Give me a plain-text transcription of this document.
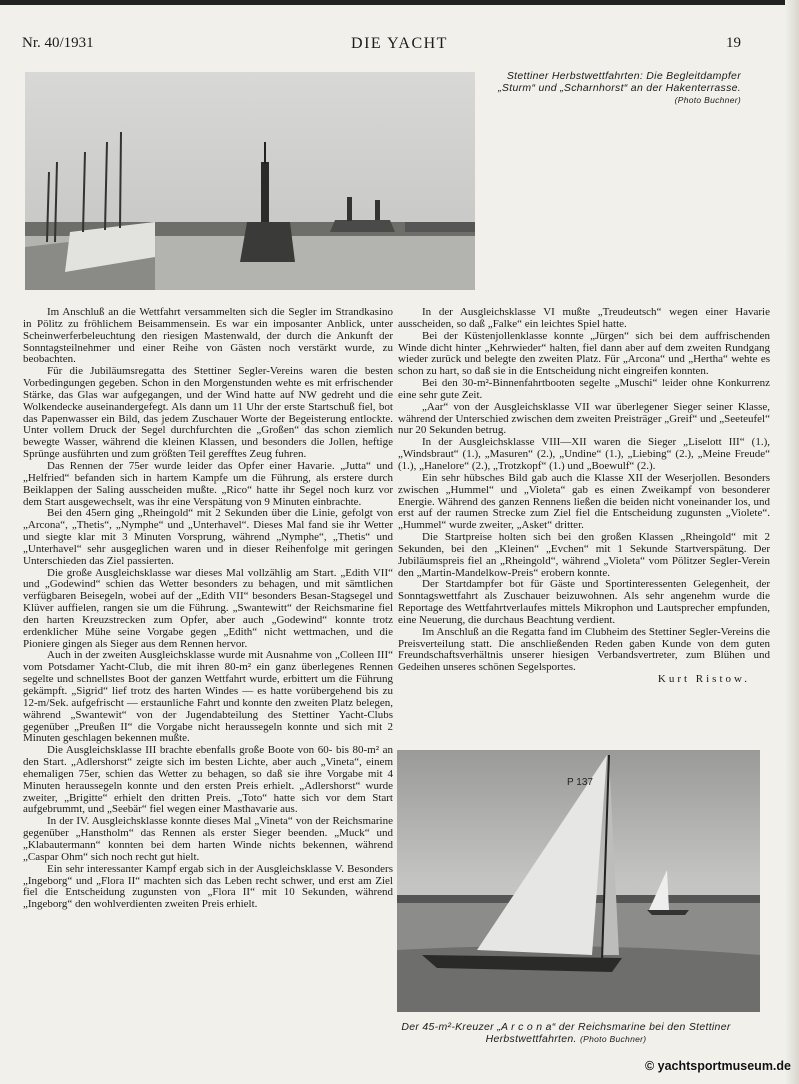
Nr. 40/1931	DIE YACHT	19
Stettiner Herbstwettfahrten: Die Begleitdampfer „Sturm“ und „Scharnhorst“ an der Hakenterrasse. (Photo Buchner)

Im Anschluß an die Wettfahrt versammelten sich die Segler im Strandkasino in Pölitz zu fröhlichem Beisammensein. Es war ein imposanter Anblick, unter Scheinwerferbeleuchtung den riesigen Mastenwald, der durch die Ankunft der Sonntagsteilnehmer und einer Reihe von Gästen noch verstärkt wurde, zu beobachten.

Für die Jubiläumsregatta des Stettiner Segler-Vereins waren die besten Vorbedingungen gegeben. Schon in den Morgenstunden wehte es mit erfrischender Stärke, das Glas war aufgegangen, und der Wind hatte auf NW gedreht und die Wolkendecke auseinandergefegt. Als dann um 11 Uhr der erste Startschuß fiel, bot das Papenwasser ein Bild, das jedem Zuschauer Worte der Begeisterung entlockte. Unter vollem Druck der Segel durchfurchten die „Großen“ das schon ziemlich bewegte Wasser, während die kleinen Klassen, und besonders die Jollen, heftige Sprünge ausführten und zum größten Teil gerefftes Zeug fuhren.

Das Rennen der 75er wurde leider das Opfer einer Havarie. „Jutta“ und „Helfried“ befanden sich in hartem Kampfe um die Führung, als erstere durch Beiklappen der Saling ausscheiden mußte. „Rico“ hatte ihr Segel noch kurz vor dem Start ausgewechselt, was ihr eine Verspätung von 9 Minuten einbrachte.

Bei den 45ern ging „Rheingold“ mit 2 Sekunden über die Linie, gefolgt von „Arcona“, „Thetis“, „Nymphe“ und „Unterhavel“. Dieses Mal fand sie ihr Wetter und siegte klar mit 3 Minuten Vorsprung, während „Nymphe“, „Thetis“ und „Unterhavel“ sehr ausgeglichen waren und in dieser Reihenfolge mit geringen Unterschieden das Ziel passierten.

Die große Ausgleichsklasse war dieses Mal vollzählig am Start. „Edith VII“ und „Godewind“ schien das Wetter besonders zu behagen, und mit sämtlichen verfügbaren Beisegeln, wobei auf der „Edith VII“ besonders Besan-Stagsegel und Klüver auffielen, rangen sie um die Führung. „Swantewitt“ der Reichsmarine fiel den harten Kreuzstrecken zum Opfer, aber auch „Godewind“ konnte trotz erdenklicher Mühe seine Vorgabe gegen „Edith“ nicht wettmachen, und die Pioniere gingen als Sieger aus dem Rennen hervor.

Auch in der zweiten Ausgleichsklasse wurde mit Ausnahme von „Colleen III“ vom Potsdamer Yacht-Club, die mit ihren 80-m² ein ganz überlegenes Rennen segelte und schnellstes Boot der ganzen Wettfahrt wurde, erbittert um die Führung gekämpft. „Sigrid“ lief trotz des harten Windes — es hatte vorübergehend bis zu 12-m/Sek. aufgefrischt — erstaunliche Fahrt und konnte den zweiten Platz belegen, während „Swantewit“ von der Jugendabteilung des Stettiner Yacht-Clubs gegenüber „Preußen II“ die Vorgabe nicht heraussegeln konnte und sich mit 2 Minuten geschlagen bekennen mußte.

Die Ausgleichsklasse III brachte ebenfalls große Boote von 60- bis 80-m² an den Start. „Adlershorst“ zeigte sich im besten Lichte, aber auch „Vineta“, einem ehemaligen 75er, schien das Wetter zu behagen, so daß sie ihre Vorgabe mit 4 Minuten heraussegeln konnte und den ersten Preis erhielt. „Adlershorst“ wurde zweiter, „Brigitte“ erhielt den dritten Preis. „Toto“ hatte sich vor dem Start aufgebrummt, und „Seebär“ fiel wegen einer Masthavarie aus.

In der IV. Ausgleichsklasse konnte dieses Mal „Vineta“ von der Reichsmarine gegenüber „Hanstholm“ das Rennen als erster Sieger beenden. „Muck“ und „Klabautermann“ konnten bei dem harten Winde nichts bekennen, während „Caspar Ohm“ sich noch recht gut hielt.

Ein sehr interessanter Kampf ergab sich in der Ausgleichsklasse V. Besonders „Ingeborg“ und „Flora II“ machten sich das Leben recht schwer, und erst am Ziel fiel die Entscheidung zugunsten von „Flora II“ mit 10 Sekunden, während „Ingeborg“ den wohlverdienten zweiten Preis erhielt.

In der Ausgleichsklasse VI mußte „Treudeutsch“ wegen einer Havarie ausscheiden, so daß „Falke“ ein leichtes Spiel hatte.

Bei der Küstenjollenklasse konnte „Jürgen“ sich bei dem auffrischenden Winde dicht hinter „Kehrwieder“ halten, fiel dann aber auf dem zweiten Rundgang wieder zurück und belegte den zweiten Platz. Für „Arcona“ und „Hertha“ wehte es schon zu hart, so daß sie in die Entscheidung nicht eingreifen konnten.

Bei den 30-m²-Binnenfahrtbooten segelte „Muschi“ leider ohne Konkurrenz eine sehr gute Zeit.

„Aar“ von der Ausgleichsklasse VII war überlegener Sieger seiner Klasse, während der Unterschied zwischen dem zweiten Preisträger „Greif“ und „Seeteufel“ nur 20 Sekunden betrug.

In der Ausgleichsklasse VIII—XII waren die Sieger „Liselott III“ (1.), „Windsbraut“ (1.), „Masuren“ (2.), „Undine“ (1.), „Liebing“ (2.), „Meine Freude“ (1.), „Hanelore“ (2.), „Trotzkopf“ (1.) und „Boewulf“ (2.).

Ein sehr hübsches Bild gab auch die Klasse XII der Weserjollen. Besonders zwischen „Hummel“ und „Violeta“ gab es einen Zweikampf von besonderer Energie. Während des ganzen Rennens ließen die beiden nicht voneinander los, und erst auf der raumen Strecke zum Ziel fiel die Entscheidung zugunsten „Violete“. „Hummel“ wurde zweiter, „Asket“ dritter.

Die Startpreise holten sich bei den großen Klassen „Rheingold“ mit 2 Sekunden, bei den „Kleinen“ „Evchen“ mit 1 Sekunde Startverspätung. Der Jubiläumspreis fiel an „Rheingold“, während „Violeta“ vom Pölitzer Segler-Verein den „Martin-Mandelkow-Preis“ erobern konnte.

Der Startdampfer bot für Gäste und Sportinteressenten Gelegenheit, der Sonntagswettfahrt als Zuschauer beizuwohnen. Als sehr angenehm wurde die Reportage des Wettfahrtverlaufes mittels Mikrophon und Lautsprecher empfunden, eine Neuerung, die durchaus Beachtung verdient.

Im Anschluß an die Regatta fand im Clubheim des Stettiner Segler-Vereins die Preisverteilung statt. Die anschließenden Reden gaben Kunde von dem guten Freundschaftsverhältnis unserer hiesigen Verbandsvertreter, zum Blühen und Gedeihen unseres schönen Segelsportes.

Kurt Ristow.
P 137
Der 45-m²-Kreuzer „A r c o n a“ der Reichsmarine bei den Stettiner Herbstwettfahrten. (Photo Buchner)
© yachtsportmuseum.de
